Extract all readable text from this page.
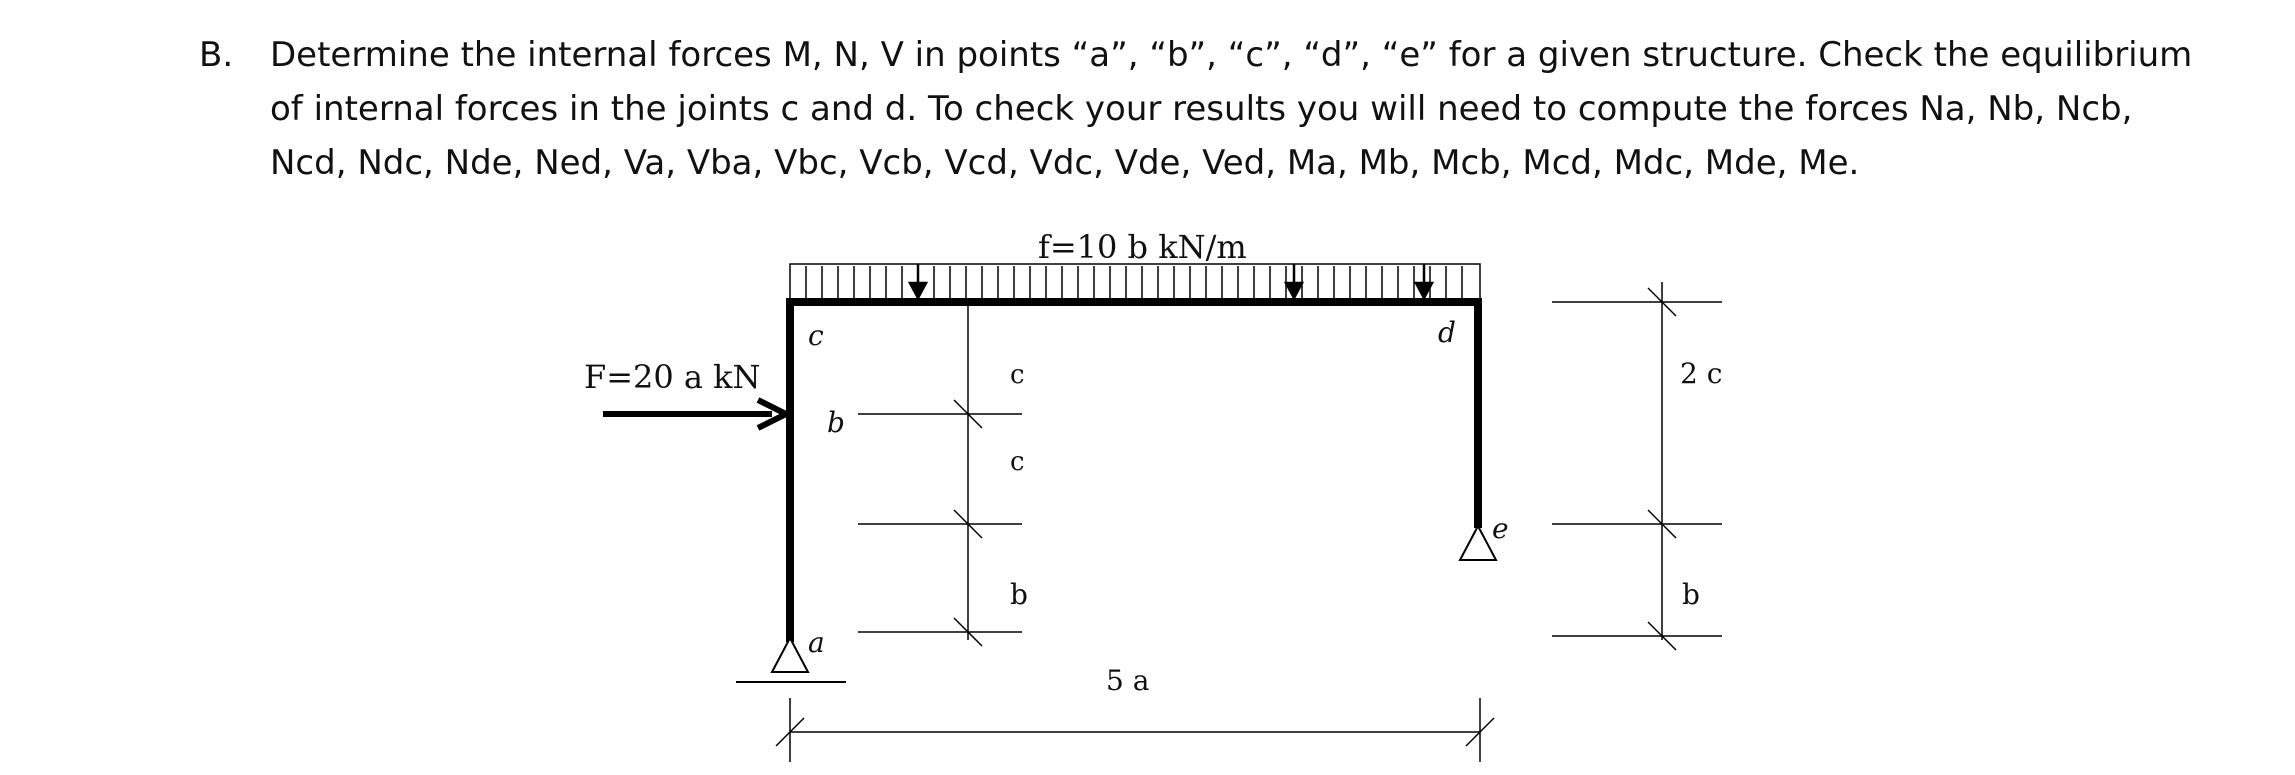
B. Determine the internal forces M, N, V in points “a”, “b”, “c”, “d”, “e” for a given structure. Check the equilibrium
of internal forces in the joints c and d. To check your results you will need to compute the forces Na, Nb, Ncb,
Ncd, Ndc, Nde, Ned, Va, Vba, Vbc, Vcb, Vcd, Vdc, Vde, Ved, Ma, Mb, Mcb, Mcd, Mdc, Mde, Me.
f=10 b kN/m
F=20 a kN
c
b
a
d
e
c
c
b
2 c
b
5 a
